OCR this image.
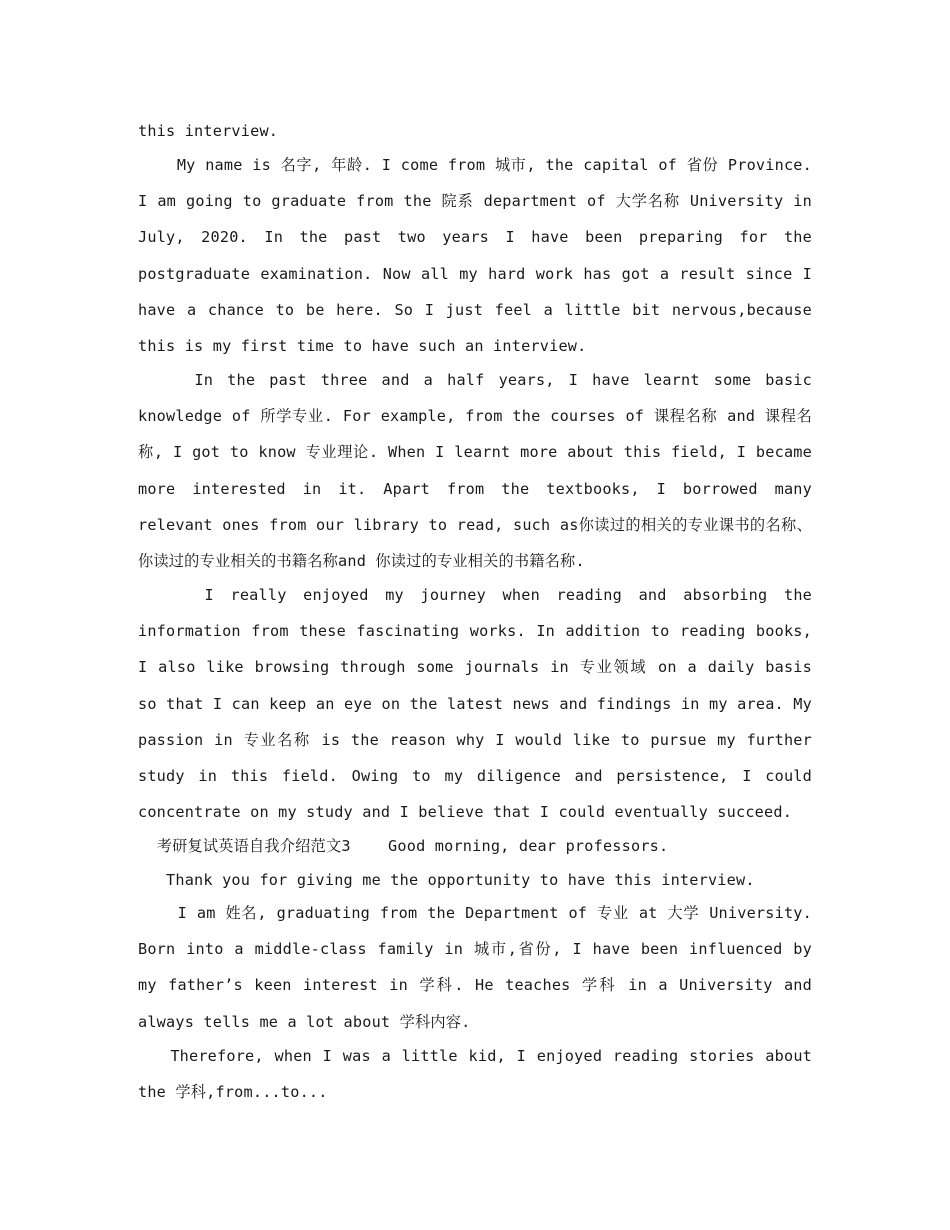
this interview.

My name is 名字, 年龄. I come from 城市, the capital of 省份 Province. I am going to graduate from the 院系 department of 大学名称 University in July, 2020. In the past two years I have been preparing for the postgraduate examination. Now all my hard work has got a result since I have a chance to be here. So I just feel a little bit nervous,because this is my first time to have such an interview.

In the past three and a half years, I have learnt some basic knowledge of 所学专业. For example, from the courses of 课程名称 and 课程名称, I got to know 专业理论. When I learnt more about this field, I became more interested in it. Apart from the textbooks, I borrowed many relevant ones from our library to read, such as你读过的相关的专业课书的名称、你读过的专业相关的书籍名称and 你读过的专业相关的书籍名称.

I really enjoyed my journey when reading and absorbing the information from these fascinating works. In addition to reading books, I also like browsing through some journals in 专业领域 on a daily basis so that I can keep an eye on the latest news and findings in my area. My passion in 专业名称 is the reason why I would like to pursue my further study in this field. Owing to my diligence and persistence, I could concentrate on my study and I believe that I could eventually succeed.

考研复试英语自我介绍范文3    Good morning, dear professors.

Thank you for giving me the opportunity to have this interview.

I am 姓名, graduating from the Department of 专业 at 大学 University. Born into a middle-class family in 城市,省份, I have been influenced by my father’s keen interest in 学科. He teaches 学科 in a University and always tells me a lot about 学科内容.

Therefore, when I was a little kid, I enjoyed reading stories about the 学科,from...to...
